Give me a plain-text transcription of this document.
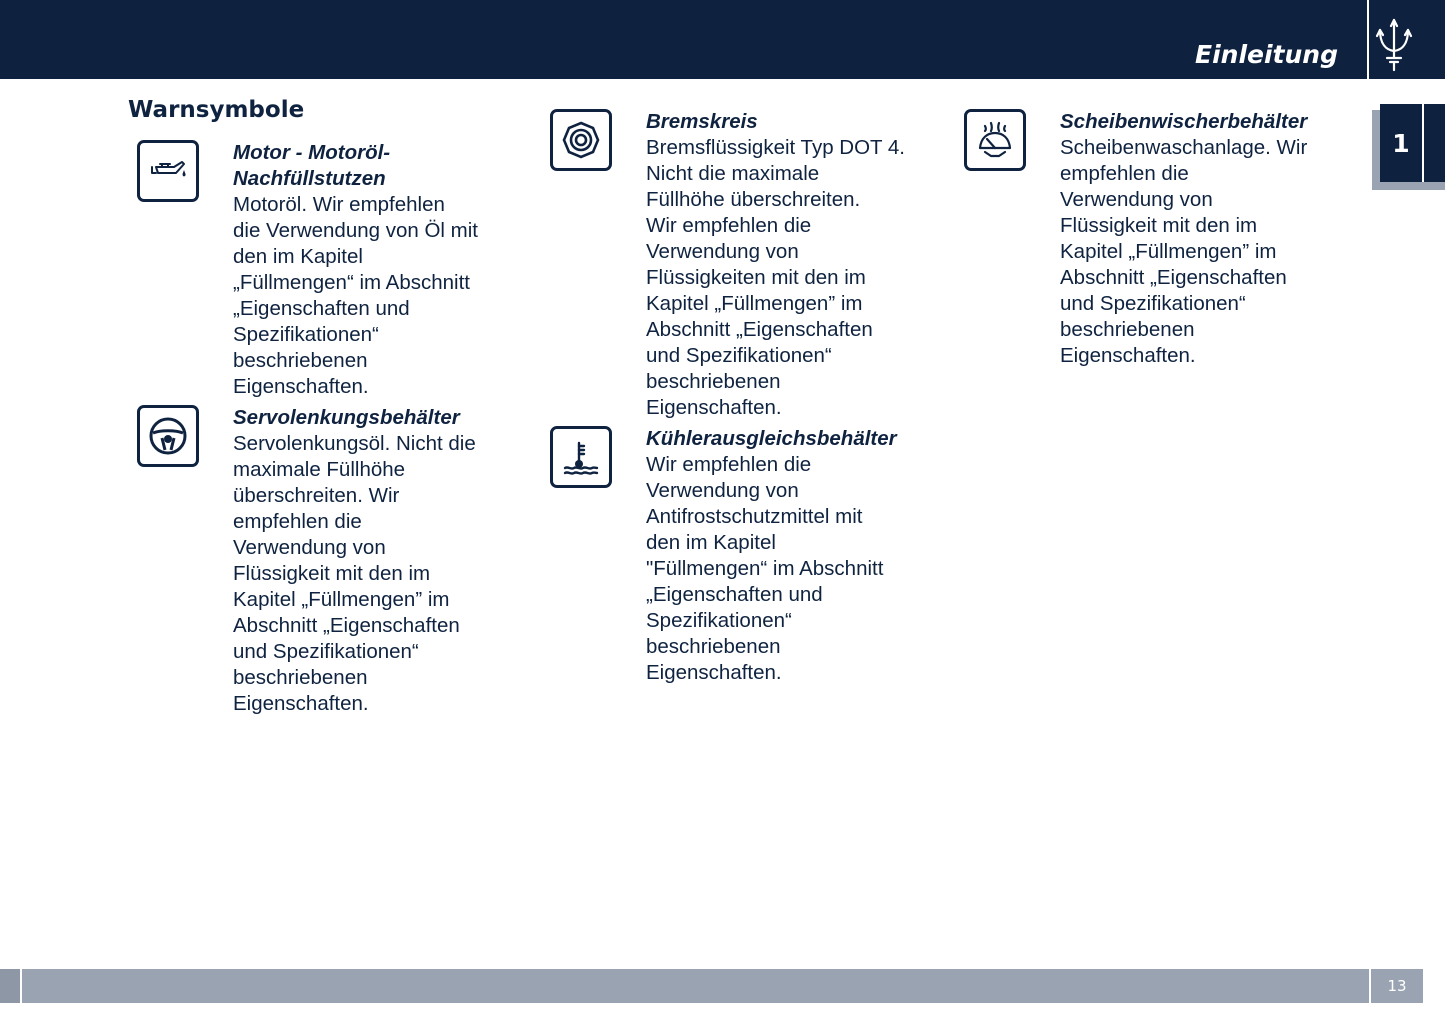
Einleitung
1
Warnsymbole
Motor - Motoröl-
Nachfüllstutzen
Motoröl. Wir empfehlen
die Verwendung von Öl mit
den im Kapitel
„Füllmengen“ im Abschnitt
„Eigenschaften und
Spezifikationen“
beschriebenen
Eigenschaften.
Servolenkungsbehälter
Servolenkungsöl. Nicht die
maximale Füllhöhe
überschreiten. Wir
empfehlen die
Verwendung von
Flüssigkeit mit den im
Kapitel „Füllmengen” im
Abschnitt „Eigenschaften
und Spezifikationen“
beschriebenen
Eigenschaften.
Bremskreis
Bremsflüssigkeit Typ DOT 4.
Nicht die maximale
Füllhöhe überschreiten.
Wir empfehlen die
Verwendung von
Flüssigkeiten mit den im
Kapitel „Füllmengen” im
Abschnitt „Eigenschaften
und Spezifikationen“
beschriebenen
Eigenschaften.
Kühlerausgleichsbehälter
Wir empfehlen die
Verwendung von
Antifrostschutzmittel mit
den im Kapitel
"Füllmengen“ im Abschnitt
„Eigenschaften und
Spezifikationen“
beschriebenen
Eigenschaften.
Scheibenwischerbehälter
Scheibenwaschanlage. Wir
empfehlen die
Verwendung von
Flüssigkeit mit den im
Kapitel „Füllmengen” im
Abschnitt „Eigenschaften
und Spezifikationen“
beschriebenen
Eigenschaften.
13
